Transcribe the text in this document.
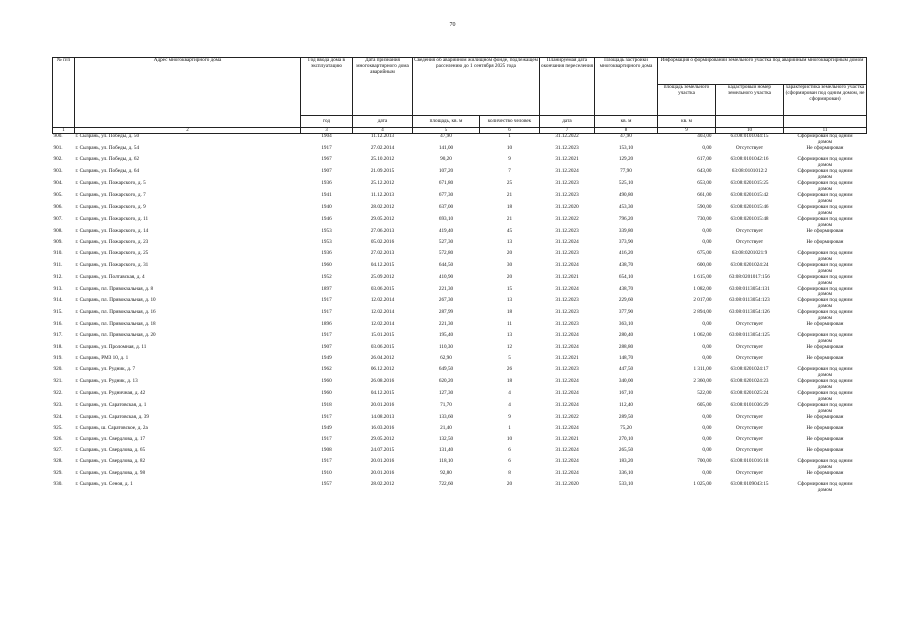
70
№ п/п	Адрес многоквартирного дома	Год ввода дома в эксплуатацию	Дата признания многоквартирного дома аварийным	Сведения об аварийном жилищном фонде, подлежащем расселению до 1 сентября 2025 года		Планируемая дата окончания переселения	Площадь застройки многоквартирного дома	Информация о формировании земельного участка под аварийным многоквартирным домом		
								площадь земельного участка	кадастровый номер земельного участка	характеристика земельного участка (сформирован под одним домом, не сформирован)
		год	дата	площадь, кв. м	количество человек	дата	кв. м	кв. м		
1	2	3	4	5	6	7	8	9	10	11
900.	г. Сызрань, ул. Победы, д. 50	1904	11.12.2013	47,90	1	31.12.2022	47,90	403,00	63:08:0101044:15	Сформирован под одним
домом

901.	г. Сызрань, ул. Победы, д. 54	1917	27.02.2014	141,00	10	31.12.2023	153,10	0,00	Отсутствует	Не сформирован

902.	г. Сызрань, ул. Победы, д. 62	1967	25.10.2012	90,20	9	31.12.2021	129,20	617,00	63:08:0101042:16	Сформирован под одним
домом

903.	г. Сызрань, ул. Победы, д. 64	1907	21.09.2015	107,20	7	31.12.2024	77,90	643,00	63:08:0101012:2	Сформирован под одним
домом

904.	г. Сызрань, ул. Пожарского, д. 5	1936	25.12.2012	671,80	25	31.12.2023	525,10	653,00	63:08:0201015:25	Сформирован под одним
домом

905.	г. Сызрань, ул. Пожарского, д. 7	1941	11.12.2013	677,30	21	31.12.2023	490,80	661,00	63:08:0201015:42	Сформирован под одним
домом

906.	г. Сызрань, ул. Пожарского, д. 9	1940	28.02.2012	637,00	18	31.12.2020	453,30	590,00	63:08:0201015:46	Сформирован под одним
домом

907.	г. Сызрань, ул. Пожарского, д. 11	1946	29.05.2012	693,10	21	31.12.2022	796,20	730,00	63:08:0201015:48	Сформирован под одним
домом

908.	г. Сызрань, ул. Пожарского, д. 14	1953	27.06.2013	419,40	45	31.12.2023	339,80	0,00	Отсутствует	Не сформирован

909.	г. Сызрань, ул. Пожарского, д. 23	1953	05.02.2016	527,30	13	31.12.2024	373,90	0,00	Отсутствует	Не сформирован

910.	г. Сызрань, ул. Пожарского, д. 25	1936	27.02.2013	572,80	20	31.12.2023	416,20	675,00	63:08:0201021:9	Сформирован под одним
домом

911.	г. Сызрань, ул. Пожарского, д. 31	1960	04.12.2015	644,50	30	31.12.2024	438,70	600,00	63:08:0201024:24	Сформирован под одним
домом

912.	г. Сызрань, ул. Полтавская, д. 4	1952	25.09.2012	410,90	20	31.12.2021	654,10	1 615,00	63:08:0201017:156	Сформирован под одним
домом

913.	г. Сызрань, пл. Привокзальная, д. 8	1897	03.06.2015	221,30	15	31.12.2024	438,70	1 082,00	63:08:0113054:131	Сформирован под одним
домом

914.	г. Сызрань, пл. Привокзальная, д. 10	1917	12.02.2014	267,30	13	31.12.2023	229,60	2 017,00	63:08:0113054:123	Сформирован под одним
домом

915.	г. Сызрань, пл. Привокзальная, д. 16	1917	12.02.2014	287,99	18	31.12.2023	377,90	2 894,00	63:08:0113054:126	Сформирован под одним
домом

916.	г. Сызрань, пл. Привокзальная, д. 18	1896	12.02.2014	221,30	11	31.12.2023	363,10	0,00	Отсутствует	Не сформирован

917.	г. Сызрань, пл. Привокзальная, д. 20	1917	15.01.2015	195,40	13	31.12.2024	280,40	1 062,00	63:08:0113054:125	Сформирован под одним
домом

918.	г. Сызрань, ул. Проломная, д. 11	1907	03.06.2015	110,30	12	31.12.2024	288,80	0,00	Отсутствует	Не сформирован

919.	г. Сызрань, РМЗ 10, д. 1	1949	26.04.2012	62,90	5	31.12.2021	148,70	0,00	Отсутствует	Не сформирован

920.	г. Сызрань, ул. Рудник, д. 7	1962	06.12.2012	649,50	26	31.12.2023	447,50	1 311,00	63:08:0201024:17	Сформирован под одним
домом

921.	г. Сызрань, ул. Рудник, д. 13	1960	26.08.2016	620,20	18	31.12.2024	340,00	2 360,00	63:08:0201024:23	Сформирован под одним
домом

922.	г. Сызрань, ул. Рудничная, д. 42	1960	04.12.2015	127,30	4	31.12.2024	167,10	522,00	63:08:0201025:24	Сформирован под одним
домом

923.	г. Сызрань, ул. Саратовская, д. 1	1918	20.01.2016	71,70	4	31.12.2024	112,40	605,00	63:08:0101036:29	Сформирован под одним
домом

924.	г. Сызрань, ул. Саратовская, д. 39	1917	14.08.2013	133,60	9	31.12.2022	289,50	0,00	Отсутствует	Не сформирован

925.	г. Сызрань, ш. Саратовское, д. 2а	1949	16.03.2016	21,40	1	31.12.2024	75,20	0,00	Отсутствует	Не сформирован

926.	г. Сызрань, ул. Свердлова, д. 17	1917	29.05.2012	132,50	10	31.12.2021	270,10	0,00	Отсутствует	Не сформирован

927.	г. Сызрань, ул. Свердлова, д. 65	1908	24.07.2015	131,40	6	31.12.2024	265,50	0,00	Отсутствует	Не сформирован

928.	г. Сызрань, ул. Свердлова, д. 82	1917	20.01.2016	118,10	6	31.12.2024	183,20	700,00	63:08:0101016:18	Сформирован под одним
домом

929.	г. Сызрань, ул. Свердлова, д. 98	1910	20.01.2016	92,80	8	31.12.2024	336,10	0,00	Отсутствует	Не сформирован

930.	г. Сызрань, ул. Сеноя, д. 1	1957	28.02.2012	722,60	20	31.12.2020	533,10	1 025,00	63:08:0109043:15	Сформирован под одним
домом
